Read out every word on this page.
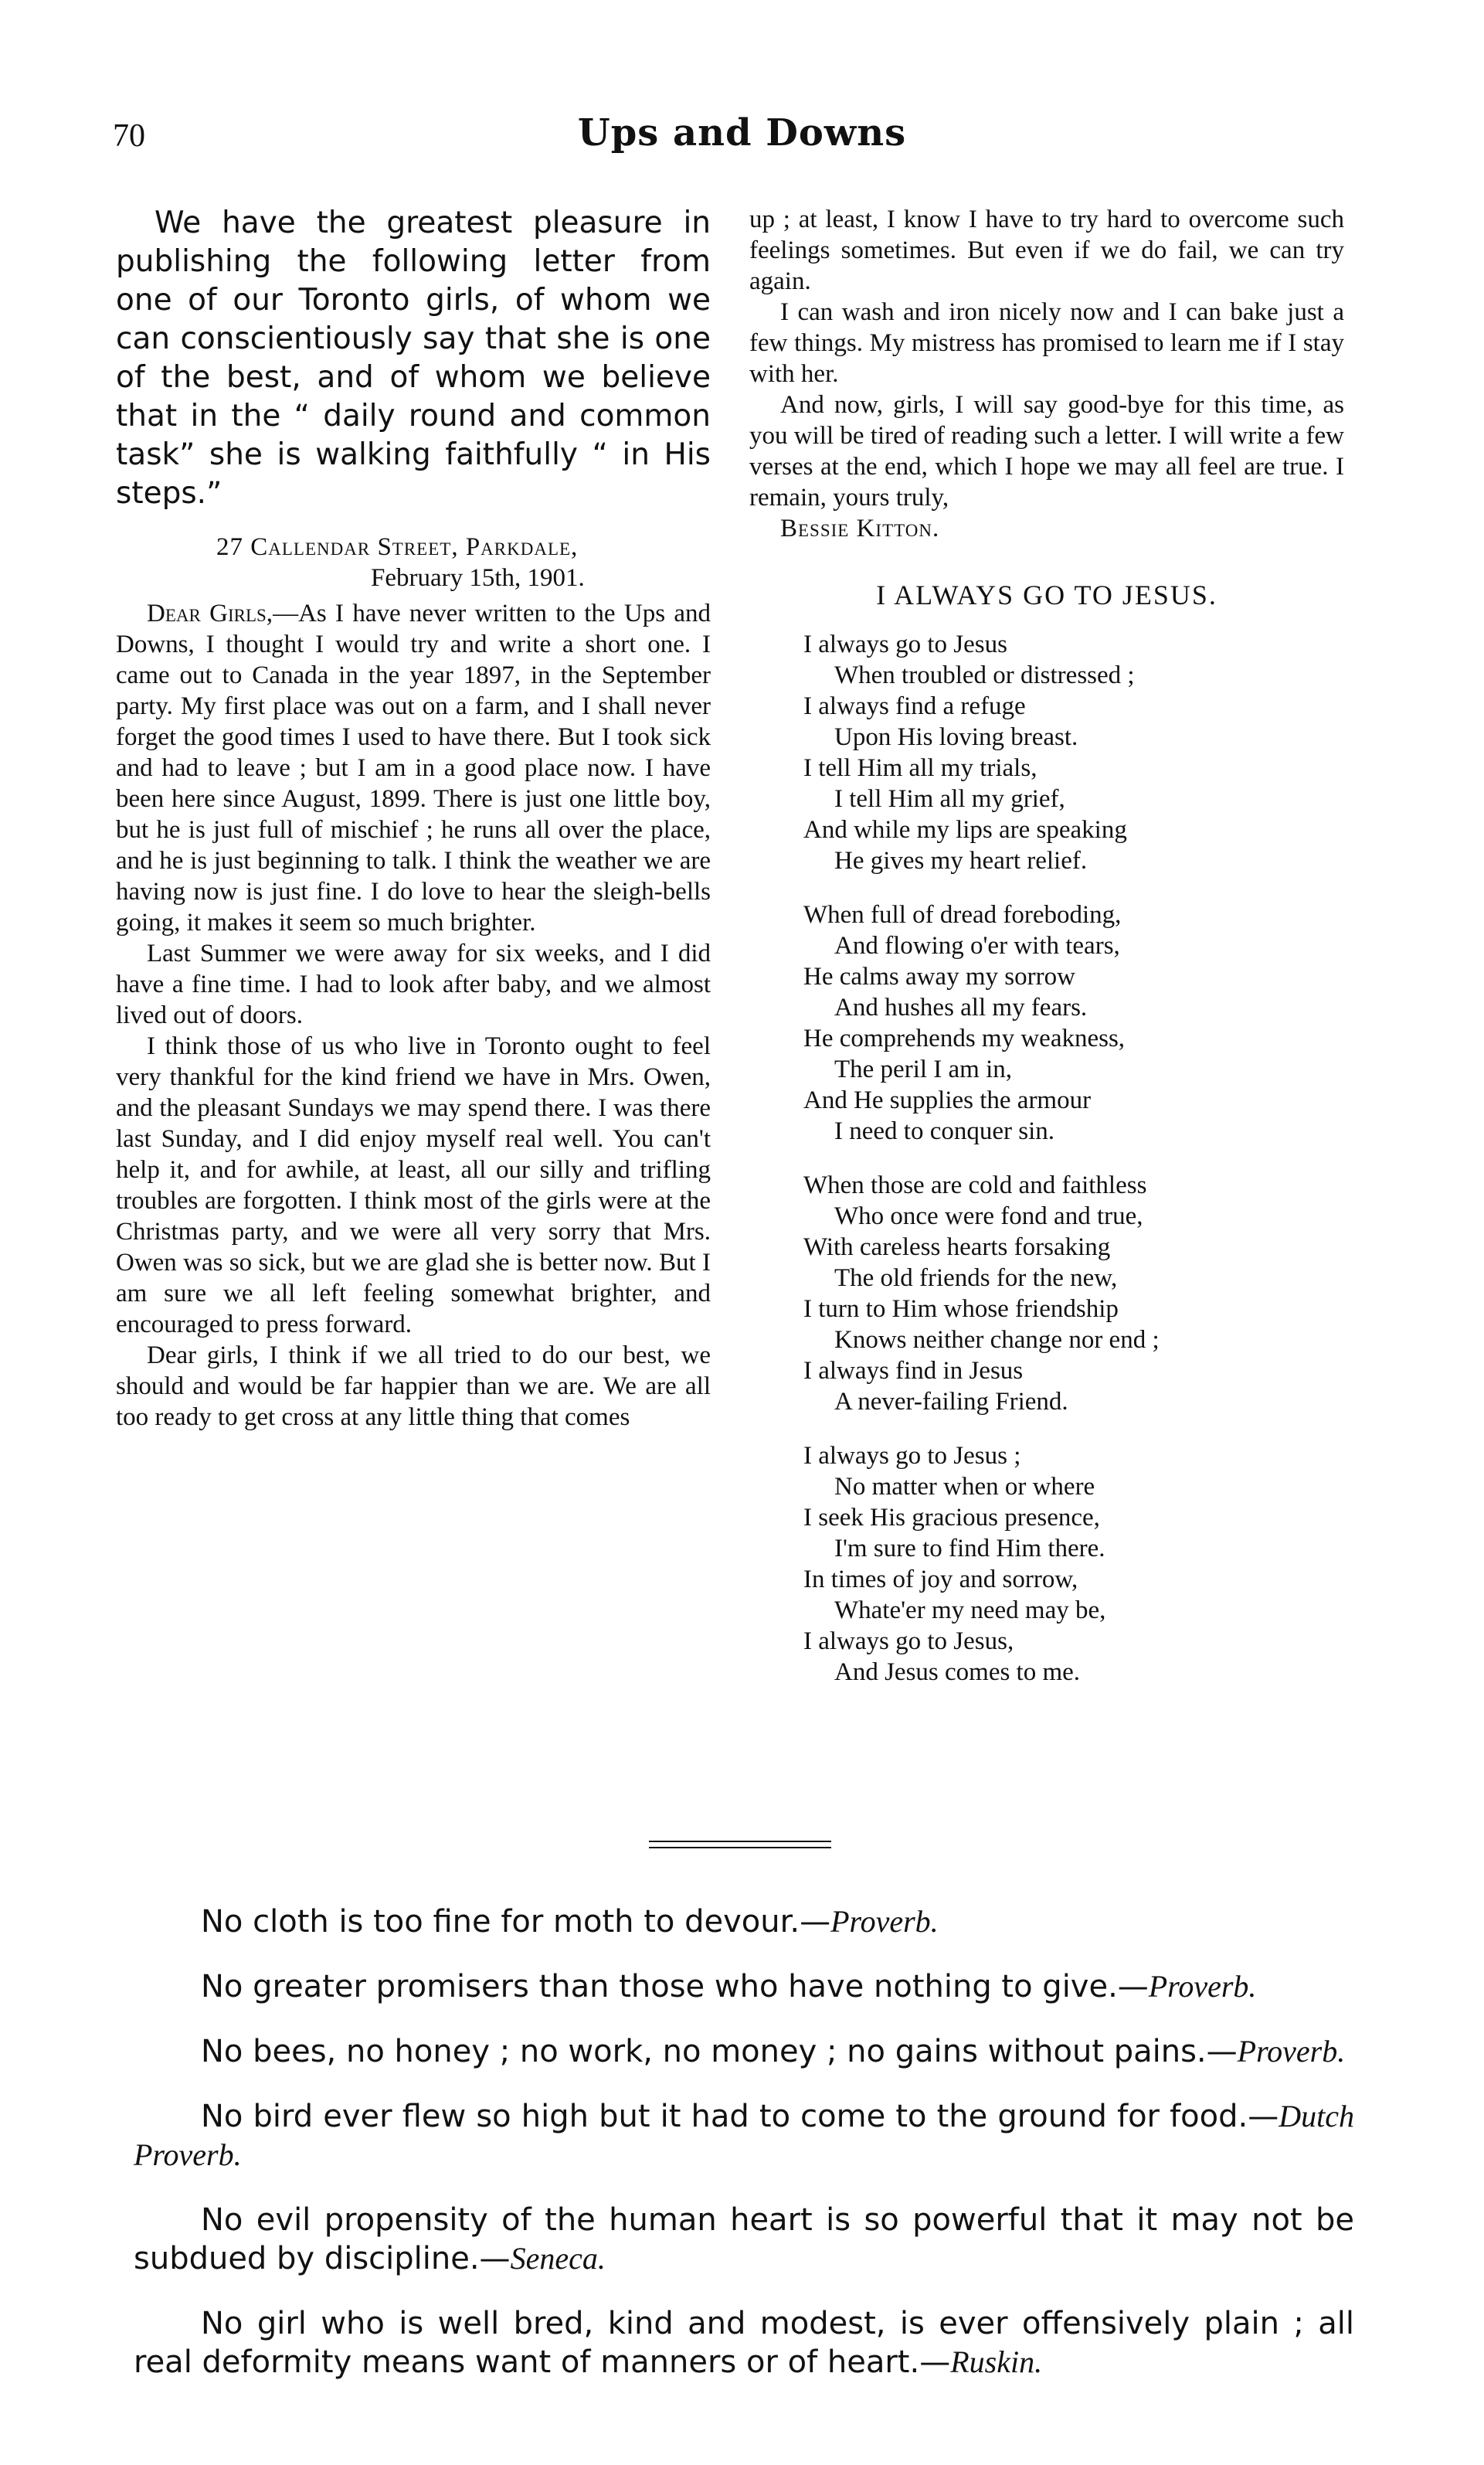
70	Ups and Downs

We have the greatest pleasure in publishing the following letter from one of our Toronto girls, of whom we can conscientiously say that she is one of the best, and of whom we believe that in the “ daily round and common task” she is walking faithfully “ in His steps.”

27 Callendar Street, Parkdale,
February 15th, 1901.

Dear Girls,—As I have never written to the Ups and Downs, I thought I would try and write a short one. I came out to Canada in the year 1897, in the September party. My first place was out on a farm, and I shall never forget the good times I used to have there. But I took sick and had to leave ; but I am in a good place now. I have been here since August, 1899. There is just one little boy, but he is just full of mischief ; he runs all over the place, and he is just beginning to talk. I think the weather we are having now is just fine. I do love to hear the sleigh-bells going, it makes it seem so much brighter.

Last Summer we were away for six weeks, and I did have a fine time. I had to look after baby, and we almost lived out of doors.

I think those of us who live in Toronto ought to feel very thankful for the kind friend we have in Mrs. Owen, and the pleasant Sundays we may spend there. I was there last Sunday, and I did enjoy myself real well. You can't help it, and for awhile, at least, all our silly and trifling troubles are forgotten. I think most of the girls were at the Christmas party, and we were all very sorry that Mrs. Owen was so sick, but we are glad she is better now. But I am sure we all left feeling somewhat brighter, and encouraged to press forward.

Dear girls, I think if we all tried to do our best, we should and would be far happier than we are. We are all too ready to get cross at any little thing that comes

up ; at least, I know I have to try hard to overcome such feelings sometimes. But even if we do fail, we can try again.

I can wash and iron nicely now and I can bake just a few things. My mistress has promised to learn me if I stay with her.

And now, girls, I will say good-bye for this time, as you will be tired of reading such a letter. I will write a few verses at the end, which I hope we may all feel are true. I remain, yours truly,

Bessie Kitton.

I ALWAYS GO TO JESUS.
I always go to Jesus
When troubled or distressed ;
I always find a refuge
Upon His loving breast.
I tell Him all my trials,
I tell Him all my grief,
And while my lips are speaking
He gives my heart relief.
When full of dread foreboding,
And flowing o'er with tears,
He calms away my sorrow
And hushes all my fears.
He comprehends my weakness,
The peril I am in,
And He supplies the armour
I need to conquer sin.
When those are cold and faithless
Who once were fond and true,
With careless hearts forsaking
The old friends for the new,
I turn to Him whose friendship
Knows neither change nor end ;
I always find in Jesus
A never-failing Friend.
I always go to Jesus ;
No matter when or where
I seek His gracious presence,
I'm sure to find Him there.
In times of joy and sorrow,
Whate'er my need may be,
I always go to Jesus,
And Jesus comes to me.

No cloth is too fine for moth to devour.—Proverb.

No greater promisers than those who have nothing to give.—Proverb.

No bees, no honey ; no work, no money ; no gains without pains.—Proverb.

No bird ever flew so high but it had to come to the ground for food.—Dutch Proverb.

No evil propensity of the human heart is so powerful that it may not be subdued by discipline.—Seneca.

No girl who is well bred, kind and modest, is ever offensively plain ; all real deformity means want of manners or of heart.—Ruskin.
